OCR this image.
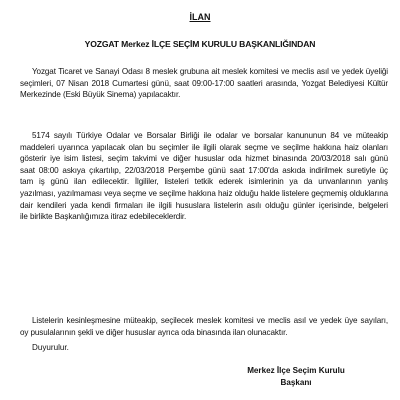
İLAN
YOZGAT Merkez İLÇE SEÇİM KURULU BAŞKANLIĞINDAN

Yozgat Ticaret ve Sanayi Odası 8 meslek grubuna ait meslek komitesi ve meclis asıl ve yedek üyeliği
seçimleri, 07 Nisan 2018 Cumartesi günü, saat 09:00-17:00 saatleri arasında, Yozgat Belediyesi Kültür
Merkezinde (Eski Büyük Sinema) yapılacaktır.

5174 sayılı Türkiye Odalar ve Borsalar Birliği ile odalar ve borsalar kanununun 84 ve müteakip
maddeleri uyarınca yapılacak olan bu seçimler ile ilgili olarak seçme ve seçilme hakkına haiz olanları
gösterir iye isim listesi, seçim takvimi ve diğer hususlar oda hizmet binasında 20/03/2018 salı günü
saat 08:00 askıya çıkartılıp, 22/03/2018 Perşembe günü saat 17:00'da askıda indirilmek suretiyle üç
tam iş günü ilan edilecektir. İlgililer, listeleri tetkik ederek isimlerinin ya da unvanlarının yanlış
yazılması, yazılmaması veya seçme ve seçilme hakkına haiz olduğu halde listelere geçmemiş olduklarına
dair kendileri yada kendi firmaları ile ilgili hususlara listelerin asılı olduğu günler içerisinde, belgeleri
ile birlikte Başkanlığımıza itiraz edebileceklerdir.

Listelerin kesinleşmesine müteakip, seçilecek meslek komitesi ve meclis asıl ve yedek üye sayıları,
oy pusulalarının şekli ve diğer hususlar ayrıca oda binasında ilan olunacaktır.

Duyurulur.

Merkez İlçe Seçim Kurulu
Başkanı
